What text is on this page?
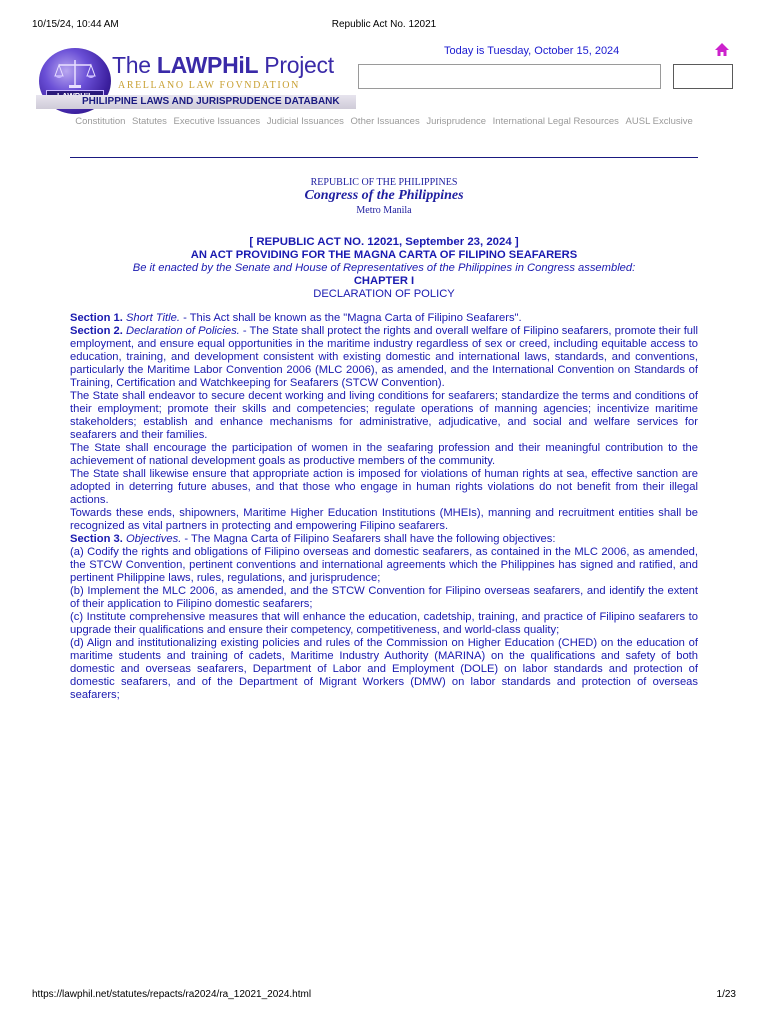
10/15/24, 10:44 AM	Republic Act No. 12021
The LAWPHiL Project
ARELLANO LAW FOVNDATION
PHILIPPINE LAWS AND JURISPRUDENCE DATABANK
Today is Tuesday, October 15, 2024
Constitution Statutes Executive Issuances Judicial Issuances Other Issuances Jurisprudence International Legal Resources AUSL Exclusive
REPUBLIC OF THE PHILIPPINES
Congress of the Philippines
Metro Manila

[ REPUBLIC ACT NO. 12021, September 23, 2024 ]

AN ACT PROVIDING FOR THE MAGNA CARTA OF FILIPINO SEAFARERS

Be it enacted by the Senate and House of Representatives of the Philippines in Congress assembled:

CHAPTER I

DECLARATION OF POLICY

Section 1. Short Title. - This Act shall be known as the "Magna Carta of Filipino Seafarers".

Section 2. Declaration of Policies. - The State shall protect the rights and overall welfare of Filipino seafarers, promote their full employment, and ensure equal opportunities in the maritime industry regardless of sex or creed, including equitable access to education, training, and development consistent with existing domestic and international laws, standards, and conventions, particularly the Maritime Labor Convention 2006 (MLC 2006), as amended, and the International Convention on Standards of Training, Certification and Watchkeeping for Seafarers (STCW Convention).

The State shall endeavor to secure decent working and living conditions for seafarers; standardize the terms and conditions of their employment; promote their skills and competencies; regulate operations of manning agencies; incentivize maritime stakeholders; establish and enhance mechanisms for administrative, adjudicative, and social and welfare services for seafarers and their families.

The State shall encourage the participation of women in the seafaring profession and their meaningful contribution to the achievement of national development goals as productive members of the community.

The State shall likewise ensure that appropriate action is imposed for violations of human rights at sea, effective sanction are adopted in deterring future abuses, and that those who engage in human rights violations do not benefit from their illegal actions.

Towards these ends, shipowners, Maritime Higher Education Institutions (MHEIs), manning and recruitment entities shall be recognized as vital partners in protecting and empowering Filipino seafarers.

Section 3. Objectives. - The Magna Carta of Filipino Seafarers shall have the following objectives:

(a) Codify the rights and obligations of Filipino overseas and domestic seafarers, as contained in the MLC 2006, as amended, the STCW Convention, pertinent conventions and international agreements which the Philippines has signed and ratified, and pertinent Philippine laws, rules, regulations, and jurisprudence;

(b) Implement the MLC 2006, as amended, and the STCW Convention for Filipino overseas seafarers, and identify the extent of their application to Filipino domestic seafarers;

(c) Institute comprehensive measures that will enhance the education, cadetship, training, and practice of Filipino seafarers to upgrade their qualifications and ensure their competency, competitiveness, and world-class quality;

(d) Align and institutionalizing existing policies and rules of the Commission on Higher Education (CHED) on the education of maritime students and training of cadets, Maritime Industry Authority (MARINA) on the qualifications and safety of both domestic and overseas seafarers, Department of Labor and Employment (DOLE) on labor standards and protection of domestic seafarers, and of the Department of Migrant Workers (DMW) on labor standards and protection of overseas seafarers;

https://lawphil.net/statutes/repacts/ra2024/ra_12021_2024.html	1/23
